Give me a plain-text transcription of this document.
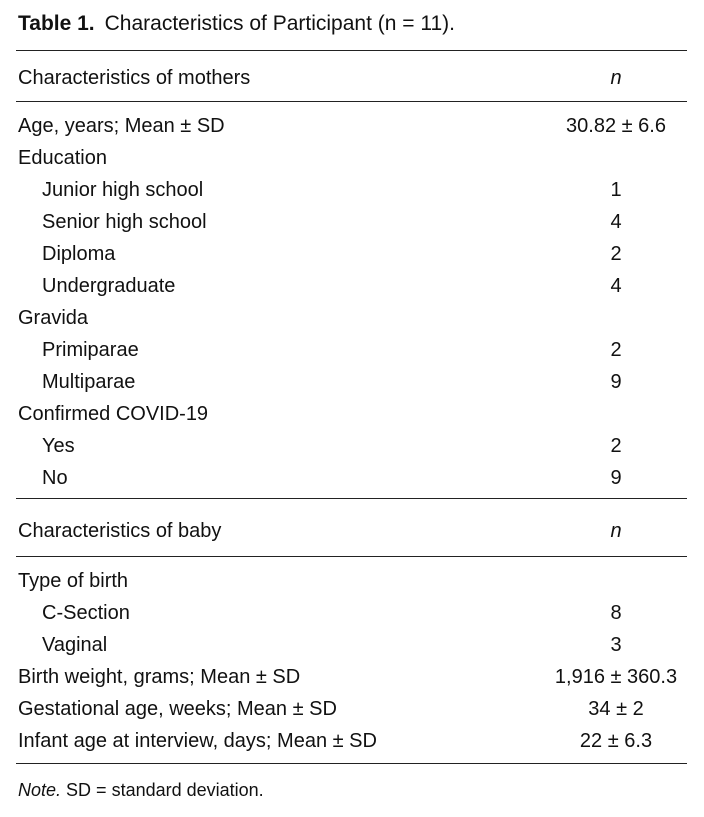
Table 1. Characteristics of Participant (n = 11).
Characteristics of mothers	n
Age, years; Mean ± SD	30.82 ± 6.6
Education
Junior high school	1
Senior high school	4
Diploma	2
Undergraduate	4
Gravida
Primiparae	2
Multiparae	9
Confirmed COVID-19
Yes	2
No	9
Characteristics of baby	n
Type of birth
C-Section	8
Vaginal	3
Birth weight, grams; Mean ± SD	1,916 ± 360.3
Gestational age, weeks; Mean ± SD	34 ± 2
Infant age at interview, days; Mean ± SD	22 ± 6.3
Note. SD = standard deviation.
